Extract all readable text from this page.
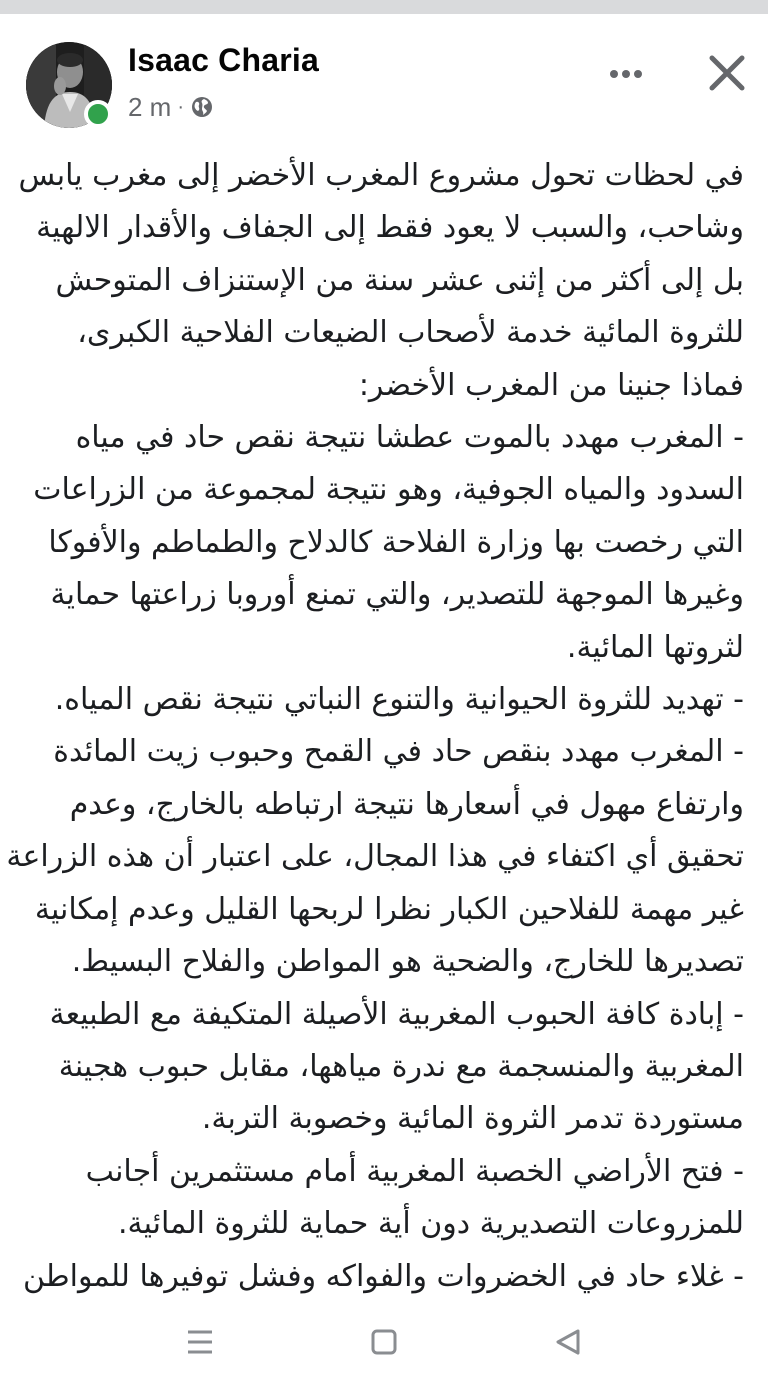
Isaac Charia
2 m ·

في لحظات تحول مشروع المغرب الأخضر إلى مغرب يابس

وشاحب، والسبب لا يعود فقط إلى الجفاف والأقدار الالهية

بل إلى أكثر من إثنى عشر سنة من الإستنزاف المتوحش

للثروة المائية خدمة لأصحاب الضيعات الفلاحية الكبرى،

فماذا جنينا من المغرب الأخضر:

- المغرب مهدد بالموت عطشا نتيجة نقص حاد في مياه

السدود والمياه الجوفية، وهو نتيجة لمجموعة من الزراعات

التي رخصت بها وزارة الفلاحة كالدلاح والطماطم والأفوكا

وغيرها الموجهة للتصدير، والتي تمنع أوروبا زراعتها حماية

لثروتها المائية.

- تهديد للثروة الحيوانية والتنوع النباتي نتيجة نقص المياه.

- المغرب مهدد بنقص حاد في القمح وحبوب زيت المائدة

وارتفاع مهول في أسعارها نتيجة ارتباطه بالخارج، وعدم

تحقيق أي اكتفاء في هذا المجال، على اعتبار أن هذه الزراعة

غير مهمة للفلاحين الكبار نظرا لربحها القليل وعدم إمكانية

تصديرها للخارج، والضحية هو المواطن والفلاح البسيط.

- إبادة كافة الحبوب المغربية الأصيلة المتكيفة مع الطبيعة

المغربية والمنسجمة مع ندرة مياهها، مقابل حبوب هجينة

مستوردة تدمر الثروة المائية وخصوبة التربة.

- فتح الأراضي الخصبة المغربية أمام مستثمرين أجانب

للمزروعات التصديرية دون أية حماية للثروة المائية.

- غلاء حاد في الخضروات والفواكه وفشل توفيرها للمواطن
